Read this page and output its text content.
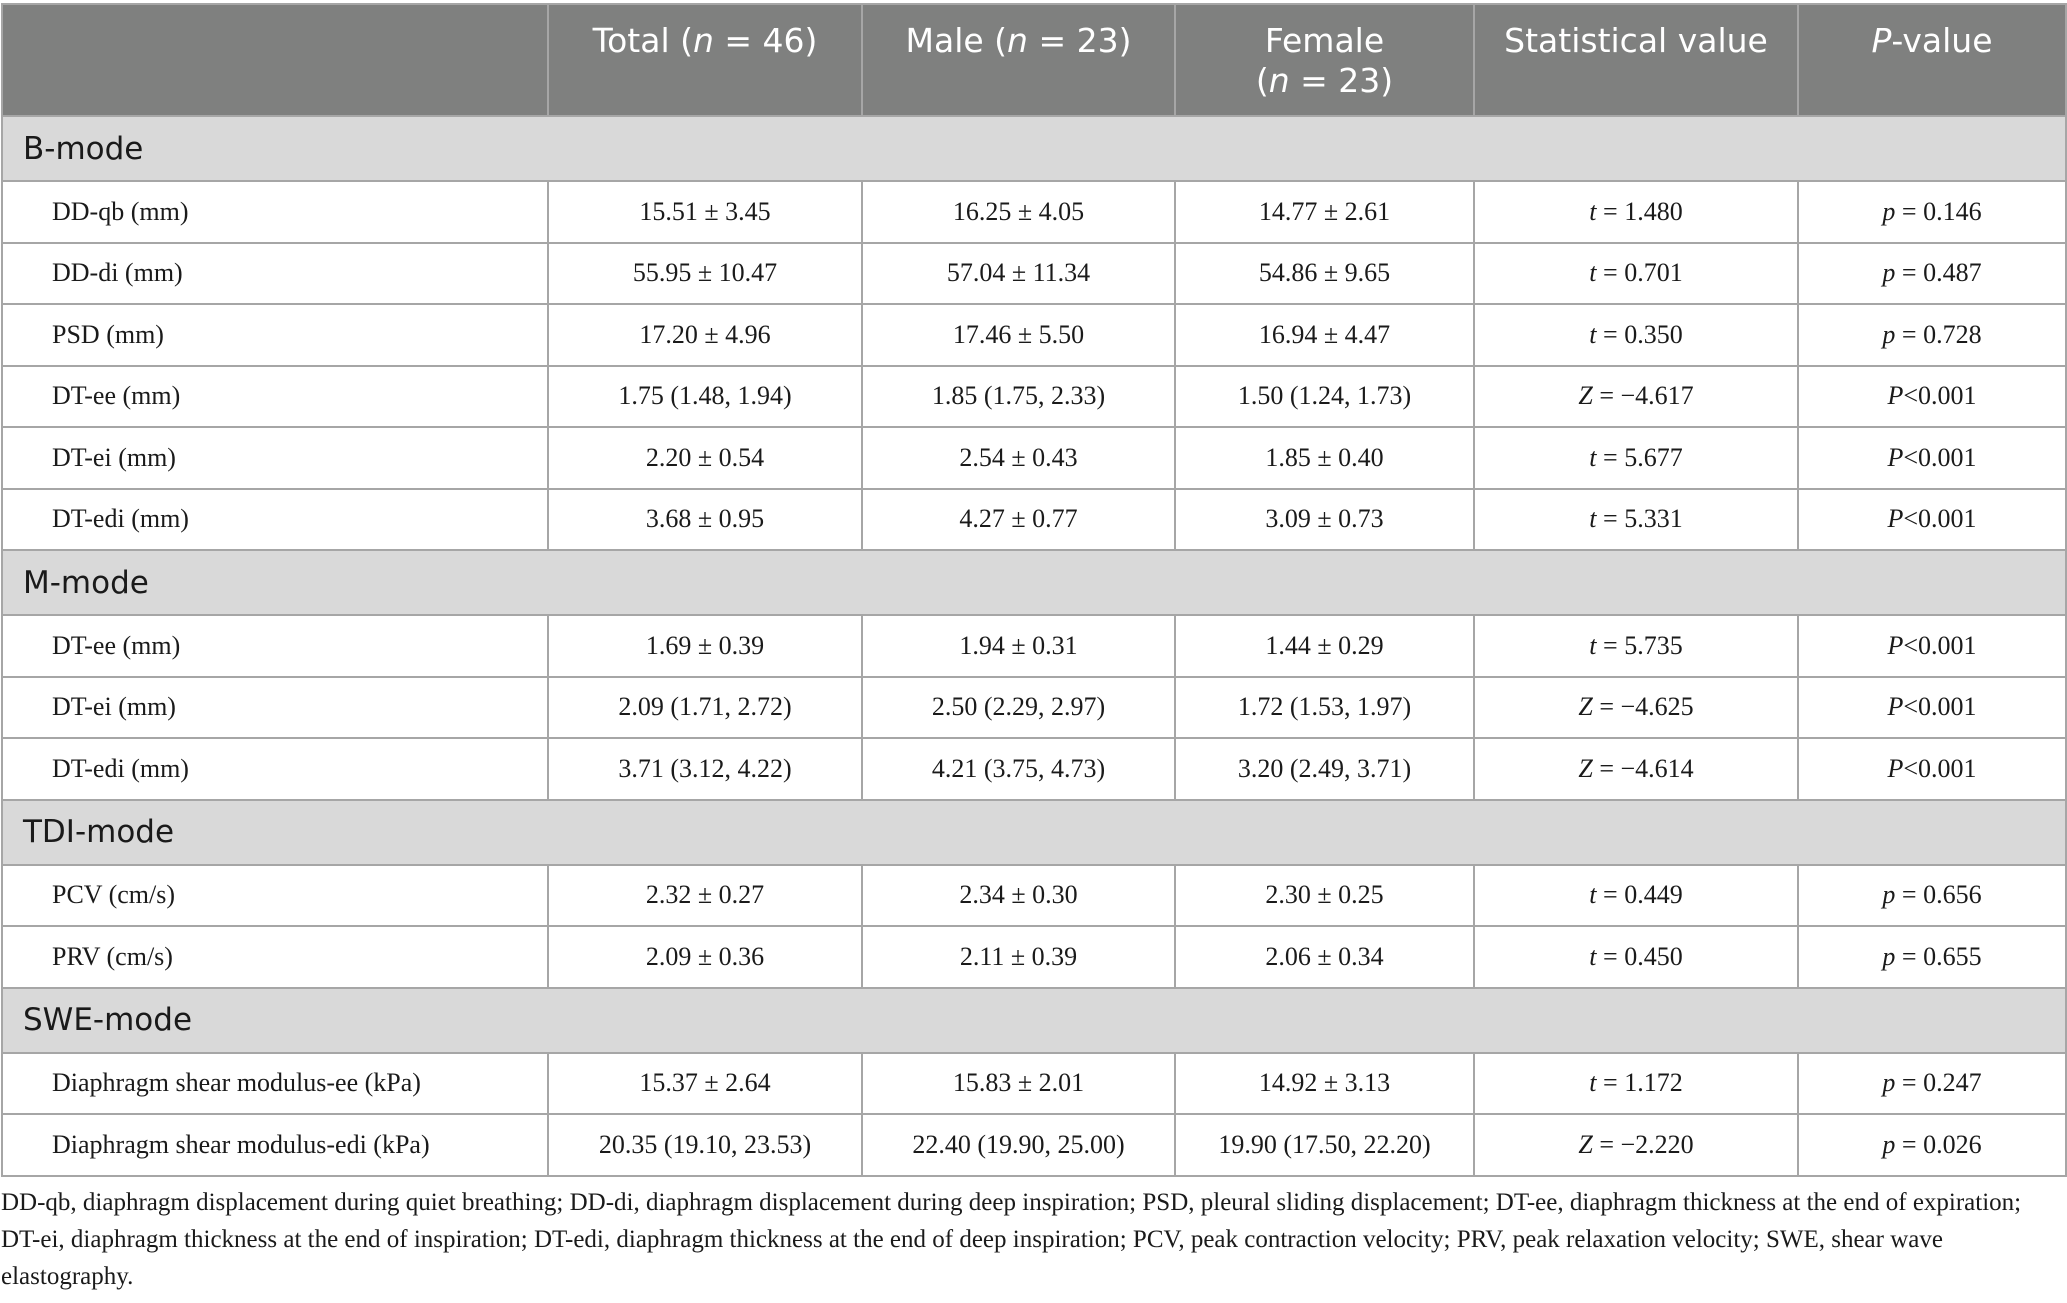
	Total (n = 46)	Male (n = 23)	Female
(n = 23)	Statistical value	P-value
B-mode					
DD-qb (mm)	15.51 ± 3.45	16.25 ± 4.05	14.77 ± 2.61	t = 1.480	p = 0.146
DD-di (mm)	55.95 ± 10.47	57.04 ± 11.34	54.86 ± 9.65	t = 0.701	p = 0.487
PSD (mm)	17.20 ± 4.96	17.46 ± 5.50	16.94 ± 4.47	t = 0.350	p = 0.728
DT-ee (mm)	1.75 (1.48, 1.94)	1.85 (1.75, 2.33)	1.50 (1.24, 1.73)	Z = −4.617	P<0.001
DT-ei (mm)	2.20 ± 0.54	2.54 ± 0.43	1.85 ± 0.40	t = 5.677	P<0.001
DT-edi (mm)	3.68 ± 0.95	4.27 ± 0.77	3.09 ± 0.73	t = 5.331	P<0.001
M-mode					
DT-ee (mm)	1.69 ± 0.39	1.94 ± 0.31	1.44 ± 0.29	t = 5.735	P<0.001
DT-ei (mm)	2.09 (1.71, 2.72)	2.50 (2.29, 2.97)	1.72 (1.53, 1.97)	Z = −4.625	P<0.001
DT-edi (mm)	3.71 (3.12, 4.22)	4.21 (3.75, 4.73)	3.20 (2.49, 3.71)	Z = −4.614	P<0.001
TDI-mode					
PCV (cm/s)	2.32 ± 0.27	2.34 ± 0.30	2.30 ± 0.25	t = 0.449	p = 0.656
PRV (cm/s)	2.09 ± 0.36	2.11 ± 0.39	2.06 ± 0.34	t = 0.450	p = 0.655
SWE-mode					
Diaphragm shear modulus-ee (kPa)	15.37 ± 2.64	15.83 ± 2.01	14.92 ± 3.13	t = 1.172	p = 0.247
Diaphragm shear modulus-edi (kPa)	20.35 (19.10, 23.53)	22.40 (19.90, 25.00)	19.90 (17.50, 22.20)	Z = −2.220	p = 0.026
DD-qb, diaphragm displacement during quiet breathing; DD-di, diaphragm displacement during deep inspiration; PSD, pleural sliding displacement; DT-ee, diaphragm thickness at the end of expiration; DT-ei, diaphragm thickness at the end of inspiration; DT-edi, diaphragm thickness at the end of deep inspiration; PCV, peak contraction velocity; PRV, peak relaxation velocity; SWE, shear wave elastography.
